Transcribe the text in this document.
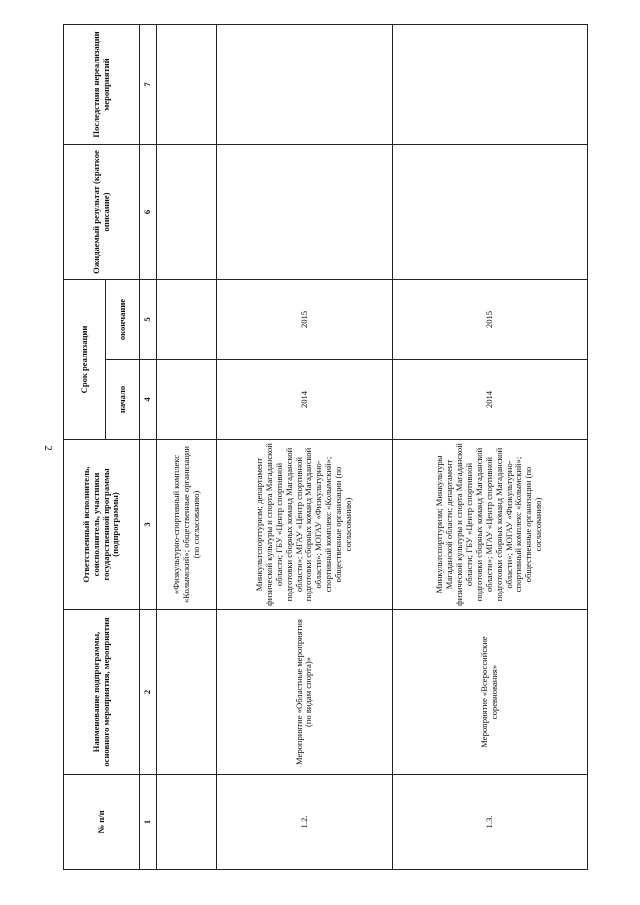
2
№ п/п	Наименование подпрограммы, основного мероприятия, мероприятия	Ответственный исполнитель, соисполнитель, участники государственной программы (подпрограммы)	Срок реализации		Ожидаемый результат (краткое описание)	Последствия нереализации мероприятий
			начало	окончание		
1	2	3	4	5	6	7
		«Физкультурно-спортивный комплекс «Колымский»; общественные организации (по согласованию)				
1.2.	Мероприятие «Областные мероприятия (по видам спорта)»	Минкультспорттуризм; департамент физической культуры и спорта Магаданской области; ГБУ «Центр спортивной подготовки сборных команд Магаданской области»; МГАУ «Центр спортивной подготовки сборных команд Магаданской области»; МОГАУ «Физкультурно-спортивный комплекс «Колымский»; общественные организации (по согласованию)	2014	2015		
1.3.	Мероприятие «Всероссийские соревнования»	Минкультспорттуризм; Минкультуры Магаданской области; департамент физической культуры и спорта Магаданской области; ГБУ «Центр спортивной подготовки сборных команд Магаданской области»; МГАУ «Центр спортивной подготовки сборных команд Магаданской области»; МОГАУ «Физкультурно-спортивный комплекс «Колымский»; общественные организации (по согласованию)	2014	2015		
